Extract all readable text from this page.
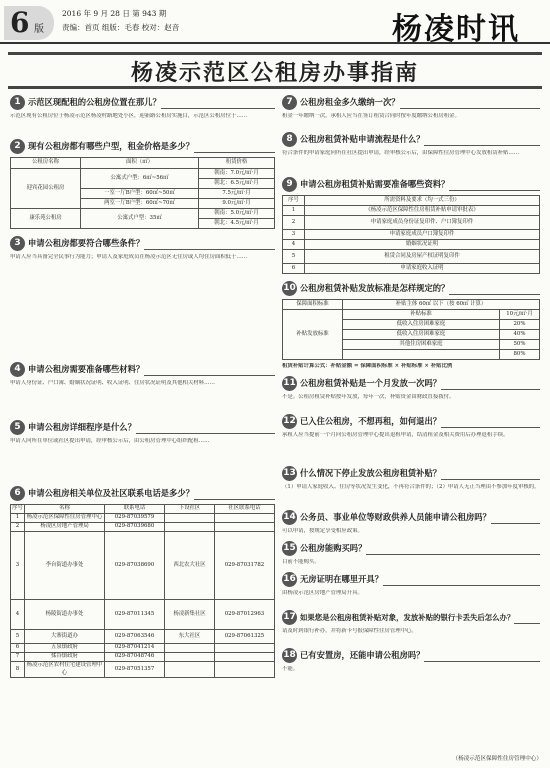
6 版
2016 年 9 月 28 日 第 943 期
责编：首页 组版：毛春 校对：赵音	杨凌时讯
杨凌示范区公租房办事指南
1 示范区现配租的公租房位置在那儿？

示范区现有公租房位于杨凌示范区杨凌村路地处小区，迎新路公租房实施目，示范区公租房位于……

2 现有公租房都有哪些户型，租金价格是多少？
公租房名称	面积（㎡）	租赁价格
迎宾花园公租房	公寓式户型：6㎡~56㎡	朝南：7.0元/㎡·月
		朝北：6.5元/㎡·月
	一室一厅B户型：60㎡~50㎡	7.5元/㎡·月
	两室一厅B户型：60㎡~70㎡	9.0元/㎡·月
康乐苑公租房	公寓式户型：35㎡	朝南：5.0元/㎡·月
		朝北：4.5元/㎡·月
3 申请公租房都要符合哪些条件？

申请人应当具备完全民事行为能力；申请人及家庭成员在杨凌示范区无住房或人均住房面积低于……

4 申请公租房需要准备哪些材料？

申请人身份证、户口簿、婚姻状况证明、收入证明、住房状况证明及其他相关材料……

5 申请公租房详细程序是什么？

申请人向所在单位或社区提出申请，经审核公示后，由公租房管理中心组织配租……

6 申请公租房相关单位及社区联系电话是多少？
序号	名称	联系电话	下设社区	社区联系电话
1	杨凌示范区保障性住房管理中心	029-87039579		
2	杨凌区房地产管理局	029-87039680		
3	李台街道办事处	029-87038690	西北农大社区	029-87031782
4	杨陵街道办事处	029-87011345	杨凌新集社区	029-87012963
5	大寨街道办	029-87063546	东大社区	029-87061325
6	五泉镇政府	029-87041214		
7	揉谷镇政府	029-87048746		
8	杨凌示范区农村住宅建设管理中心	029-87051357		
7 公租房租金多久缴纳一次？

租金一年缴纳一次，承租人应当在签订租赁合同时按年度缴纳公租房租金。

8 公租房租赁补贴申请流程是什么？

符合条件的申请家庭向所在社区提出申请，经审核公示后，由保障性住房管理中心发放租赁补贴……

9 申请公租房租赁补贴需要准备哪些资料？
序号	所需资料及要求（均一式三份）
1	《杨凌示范区保障性住房租赁补贴申请审批表》
2	申请家庭成员身份证复印件、户口簿复印件
3	申请家庭成员户口簿复印件
4	婚姻状况证明
5	租赁合同及房屋产权证明复印件
6	申请家庭收入证明
10 公租房租赁补贴发放标准是怎样规定的？
保障面积标准	补贴主体 60㎡ 以下（按 60㎡ 计算）	
补贴发放标准	补贴标准	10元/㎡·月
	低收入住房困难家庭	20%
	低收入住房困难家庭	40%
	其他住房困难家庭	50%
		80%

租赁补贴计算公式：补贴金额 = 保障面积标准 × 补贴标准 × 补贴比例

11 公租房租赁补贴是一个月发放一次吗？

不是。公租房租赁补贴按年发放，每年一次，补贴资金由财政直接拨付。

12 已入住公租房，不想再租，如何退出？

承租人应当提前一个月向公租房管理中心提出退租申请，结清租金及相关费用后办理退租手续。

13 什么情况下停止发放公租房租赁补贴？

（1）申请人家庭收入、住房等状况发生变化，不再符合条件的；（2）申请人无正当理由不参加年度审核的。

14 公务员、事业单位等财政供养人员能申请公租房吗？

可以申请，按规定享受相应政策。

15 公租房能购买吗？

目前不能购买。

16 无房证明在哪里开具？

由杨凌示范区房地产管理局开具。

17 如果您是公租房租赁补贴对象，发放补贴的银行卡丢失后怎么办？

请及时到银行补办，并将新卡号报保障性住房管理中心。

18 已有安置房，还能申请公租房吗？

不能。

（杨凌示范区保障性住房管理中心）
